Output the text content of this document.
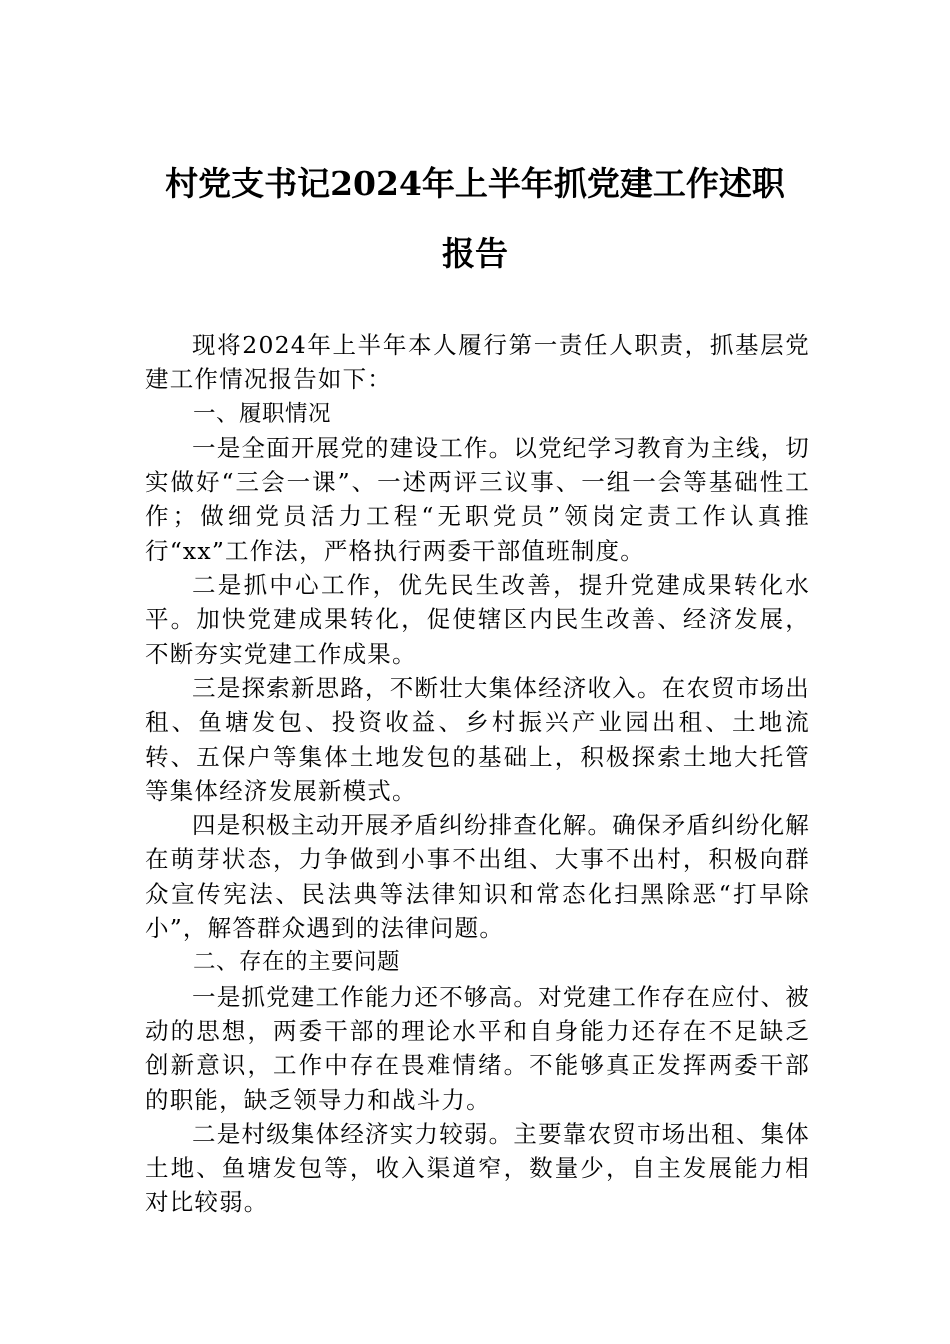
村党支书记2024年上半年抓党建工作述职
报告

现将2024年上半年本人履行第一责任人职责，抓基层党建工作情况报告如下：

一、履职情况

一是全面开展党的建设工作。以党纪学习教育为主线，切实做好“三会一课”、一述两评三议事、一组一会等基础性工作；做细党员活力工程“无职党员”领岗定责工作认真推行“xx”工作法，严格执行两委干部值班制度。

二是抓中心工作，优先民生改善，提升党建成果转化水平。加快党建成果转化，促使辖区内民生改善、经济发展，不断夯实党建工作成果。

三是探索新思路，不断壮大集体经济收入。在农贸市场出租、鱼塘发包、投资收益、乡村振兴产业园出租、土地流转、五保户等集体土地发包的基础上，积极探索土地大托管等集体经济发展新模式。

四是积极主动开展矛盾纠纷排查化解。确保矛盾纠纷化解在萌芽状态，力争做到小事不出组、大事不出村，积极向群众宣传宪法、民法典等法律知识和常态化扫黑除恶“打早除小”，解答群众遇到的法律问题。

二、存在的主要问题

一是抓党建工作能力还不够高。对党建工作存在应付、被动的思想，两委干部的理论水平和自身能力还存在不足缺乏创新意识，工作中存在畏难情绪。不能够真正发挥两委干部的职能，缺乏领导力和战斗力。

二是村级集体经济实力较弱。主要靠农贸市场出租、集体土地、鱼塘发包等，收入渠道窄，数量少，自主发展能力相对比较弱。
